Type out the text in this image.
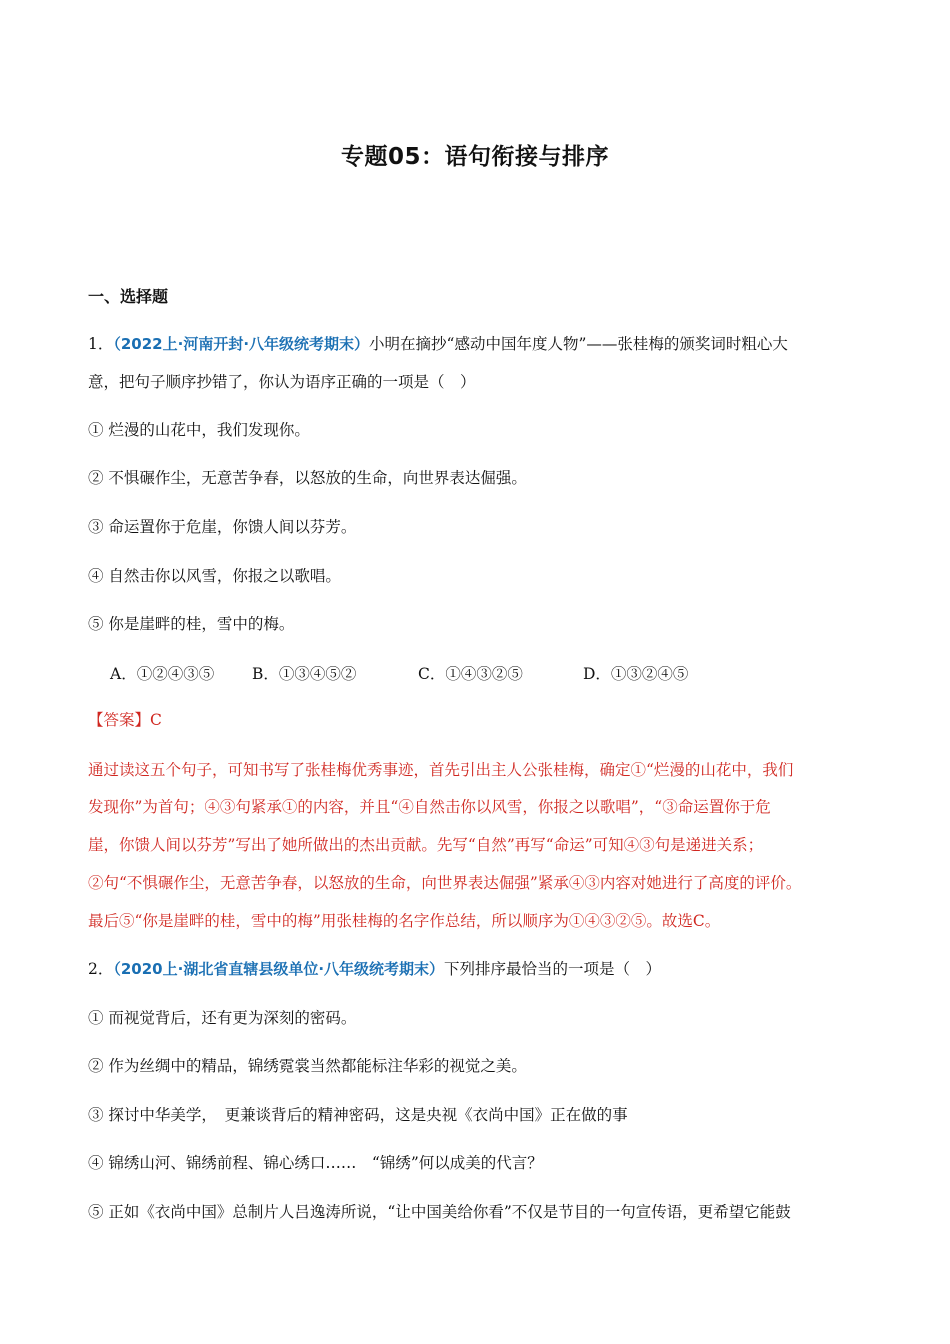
专题05：语句衔接与排序
一、选择题
1．（2022上·河南开封·八年级统考期末）小明在摘抄“感动中国年度人物”——张桂梅的颁奖词时粗心大
意，把句子顺序抄错了，你认为语序正确的一项是（　）
① 烂漫的山花中，我们发现你。
② 不惧碾作尘，无意苦争春，以怒放的生命，向世界表达倔强。
③ 命运置你于危崖，你馈人间以芬芳。
④ 自然击你以风雪，你报之以歌唱。
⑤ 你是崖畔的桂，雪中的梅。
A．①②④③⑤ B．①③④⑤②	C．①④③②⑤	D．①③②④⑤
【答案】C
通过读这五个句子，可知书写了张桂梅优秀事迹，首先引出主人公张桂梅，确定①“烂漫的山花中，我们
发现你”为首句；④③句紧承①的内容，并且“④自然击你以风雪，你报之以歌唱”，“③命运置你于危
崖，你馈人间以芬芳”写出了她所做出的杰出贡献。先写“自然”再写“命运”可知④③句是递进关系；
②句“不惧碾作尘，无意苦争春，以怒放的生命，向世界表达倔强”紧承④③内容对她进行了高度的评价。
最后⑤“你是崖畔的桂，雪中的梅”用张桂梅的名字作总结，所以顺序为①④③②⑤。故选C。
2．（2020上·湖北省直辖县级单位·八年级统考期末）下列排序最恰当的一项是（　）
① 而视觉背后，还有更为深刻的密码。
② 作为丝绸中的精品，锦绣霓裳当然都能标注华彩的视觉之美。
③ 探讨中华美学，　更兼谈背后的精神密码，这是央视《衣尚中国》正在做的事
④ 锦绣山河、锦绣前程、锦心绣口……　“锦绣”何以成美的代言？
⑤ 正如《衣尚中国》总制片人吕逸涛所说，“让中国美给你看”不仅是节目的一句宣传语，更希望它能鼓
